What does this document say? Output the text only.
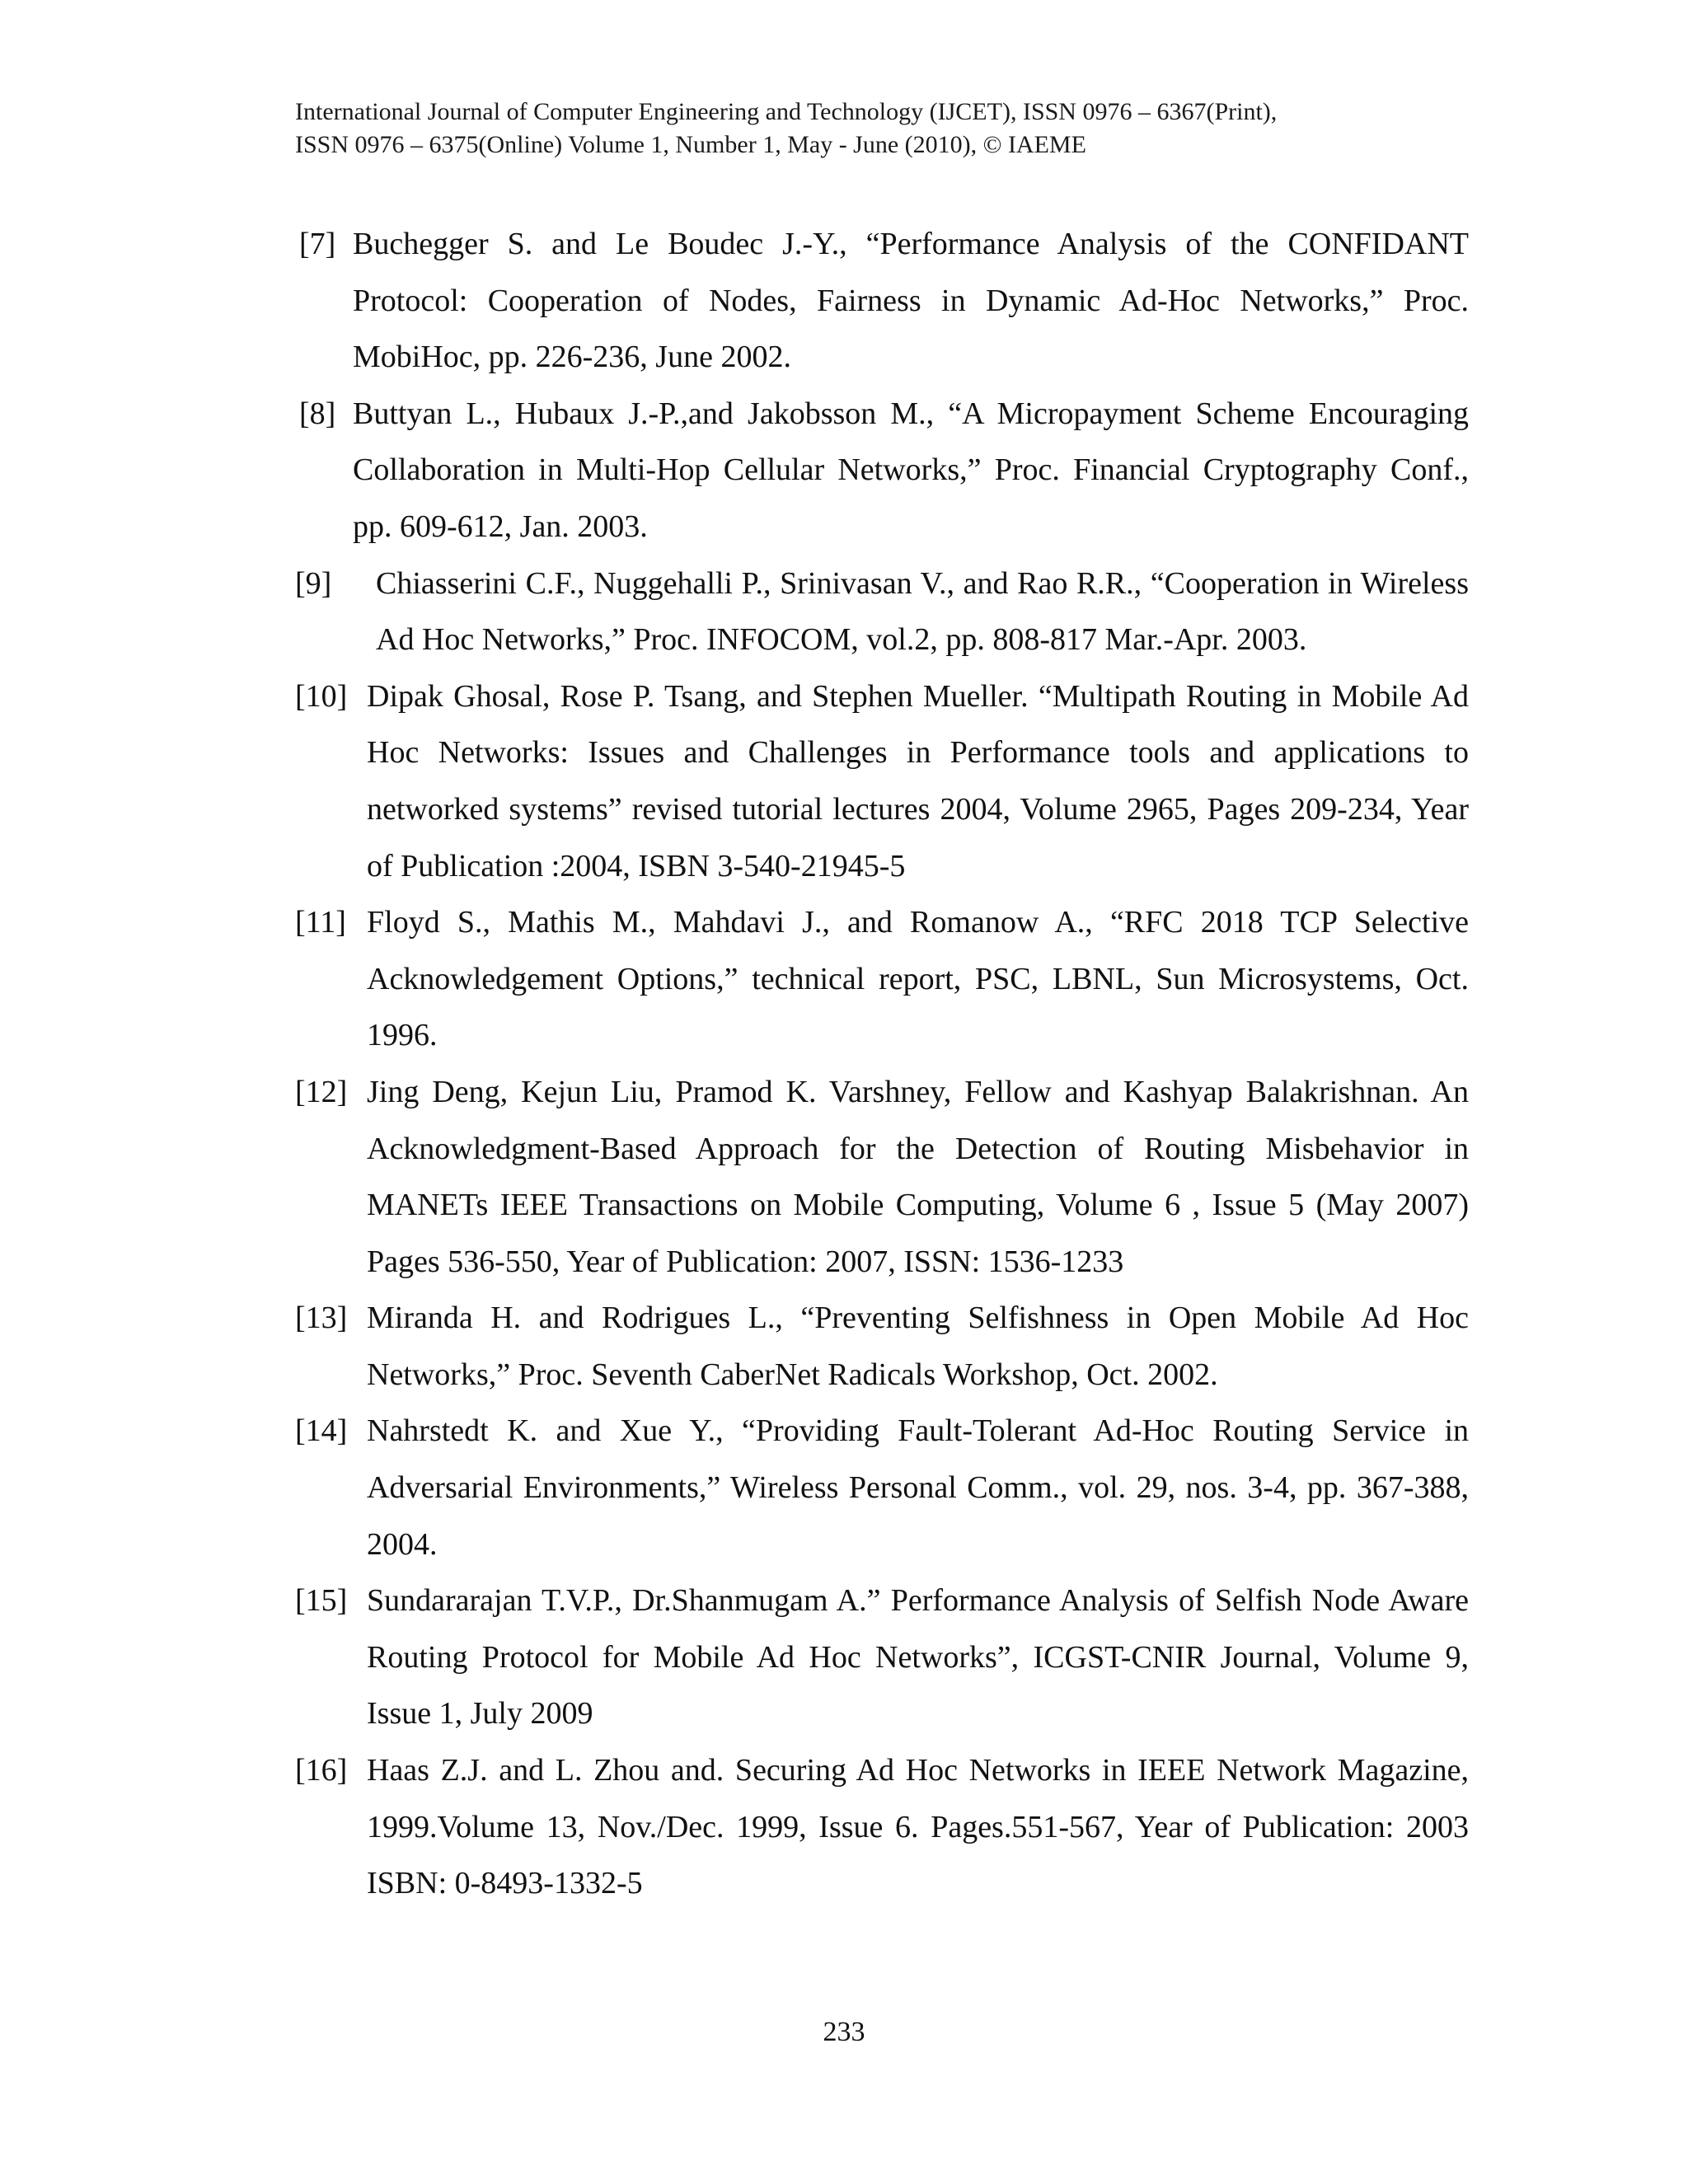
International Journal of Computer Engineering and Technology (IJCET), ISSN 0976 – 6367(Print),
ISSN 0976 – 6375(Online) Volume 1, Number 1, May - June (2010), © IAEME
[7] Buchegger S. and Le Boudec J.-Y., “Performance Analysis of the CONFIDANT Protocol: Cooperation of Nodes, Fairness in Dynamic Ad-Hoc Networks,” Proc. MobiHoc, pp. 226-236, June 2002.
[8] Buttyan L., Hubaux J.-P.,and Jakobsson M., “A Micropayment Scheme Encouraging Collaboration in Multi-Hop Cellular Networks,” Proc. Financial Cryptography Conf., pp. 609-612, Jan. 2003.
[9]	Chiasserini C.F., Nuggehalli P., Srinivasan V., and Rao R.R., “Cooperation in Wireless Ad Hoc Networks,” Proc. INFOCOM, vol.2, pp. 808-817 Mar.-Apr. 2003.
[10] Dipak Ghosal, Rose P. Tsang, and Stephen Mueller. “Multipath Routing in Mobile Ad Hoc Networks: Issues and Challenges in Performance tools and applications to networked systems” revised tutorial lectures 2004, Volume 2965, Pages 209-234, Year of Publication :2004, ISBN 3-540-21945-5
[11] Floyd S., Mathis M., Mahdavi J., and Romanow A., “RFC 2018 TCP Selective Acknowledgement Options,” technical report, PSC, LBNL, Sun Microsystems, Oct. 1996.
[12] Jing Deng, Kejun Liu, Pramod K. Varshney, Fellow and Kashyap Balakrishnan. An Acknowledgment-Based Approach for the Detection of Routing Misbehavior in MANETs IEEE Transactions on Mobile Computing, Volume 6 , Issue 5 (May 2007) Pages 536-550, Year of Publication: 2007, ISSN: 1536-1233
[13] Miranda H. and Rodrigues L., “Preventing Selfishness in Open Mobile Ad Hoc Networks,” Proc. Seventh CaberNet Radicals Workshop, Oct. 2002.
[14] Nahrstedt K. and Xue Y., “Providing Fault-Tolerant Ad-Hoc Routing Service in Adversarial Environments,” Wireless Personal Comm., vol. 29, nos. 3-4, pp. 367-388, 2004.
[15] Sundararajan T.V.P., Dr.Shanmugam A.” Performance Analysis of Selfish Node Aware Routing Protocol for Mobile Ad Hoc Networks”, ICGST-CNIR Journal, Volume 9, Issue 1, July 2009
[16] Haas Z.J. and L. Zhou and. Securing Ad Hoc Networks in IEEE Network Magazine, 1999.Volume 13, Nov./Dec. 1999, Issue 6. Pages.551-567, Year of Publication: 2003 ISBN: 0-8493-1332-5
233
